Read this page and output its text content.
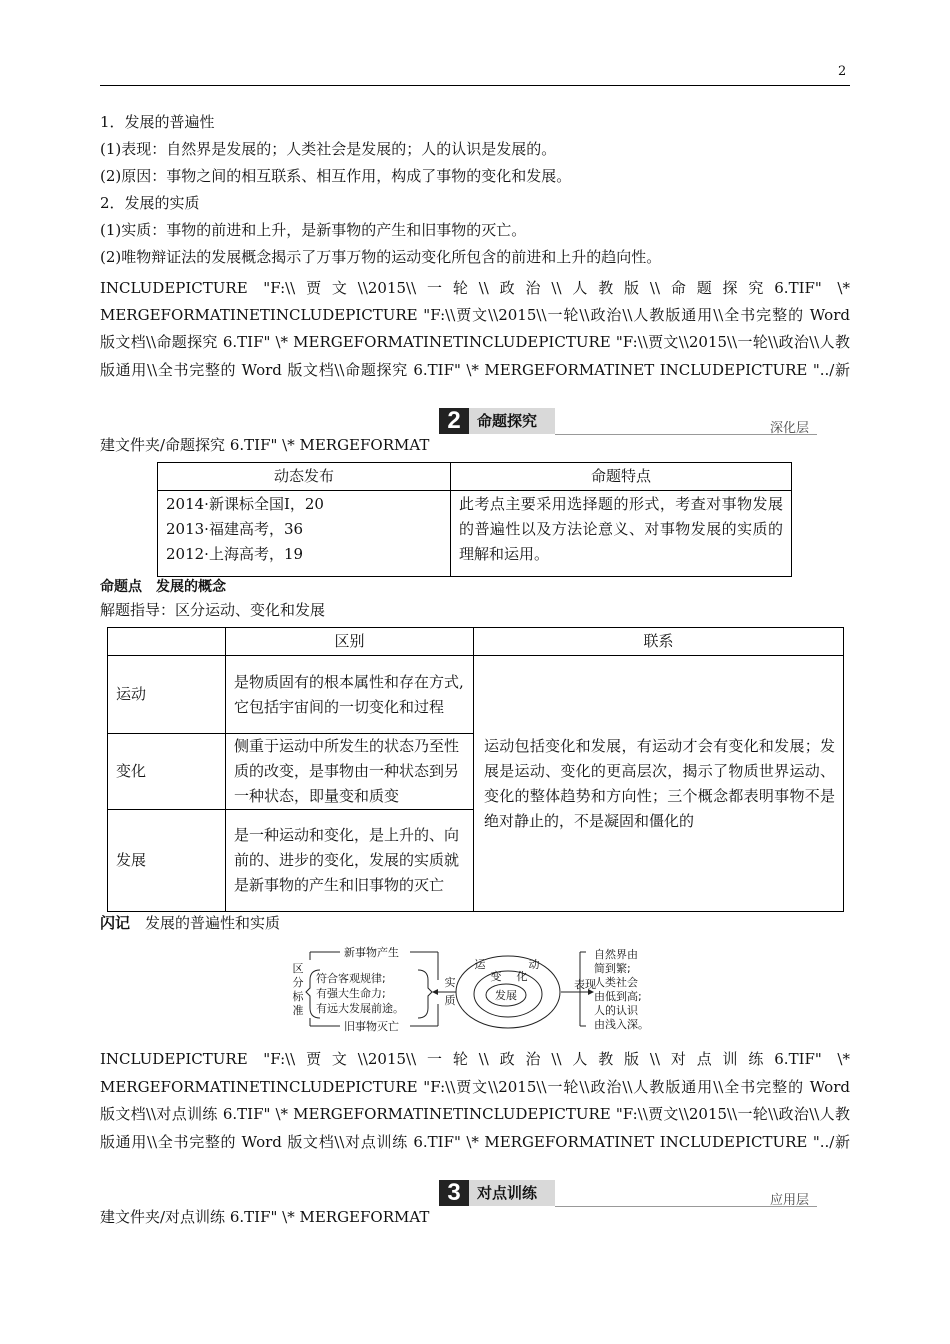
2
1．发展的普遍性
(1)表现：自然界是发展的；人类社会是发展的；人的认识是发展的。
(2)原因：事物之间的相互联系、相互作用，构成了事物的变化和发展。
2．发展的实质
(1)实质：事物的前进和上升，是新事物的产生和旧事物的灭亡。
(2)唯物辩证法的发展概念揭示了万事万物的运动变化所包含的前进和上升的趋向性。
INCLUDEPICTURE "F:\\贾文\\2015\\一轮\\政治\\人教版\\命题探究6.TIF" \*
MERGEFORMATINETINCLUDEPICTURE "F:\\贾文\\2015\\一轮\\政治\\人教版通用\\全书完整的 Word
版文档\\命题探究 6.TIF" \* MERGEFORMATINETINCLUDEPICTURE "F:\\贾文\\2015\\一轮\\政治\\人教
版通用\\全书完整的 Word 版文档\\命题探究 6.TIF" \* MERGEFORMATINET INCLUDEPICTURE "../新
2	命题探究	深化层
建文件夹/命题探究 6.TIF" \* MERGEFORMAT
动态发布	命题特点

2014·新课标全国Ⅰ，20
2013·福建高考，36
2012·上海高考，19	此考点主要采用选择题的形式，考查对事物发展的普遍性以及方法论意义、对事物发展的实质的理解和运用。
命题点　发展的概念
解题指导：区分运动、变化和发展
	区别	联系
运动	是物质固有的根本属性和存在方式,它包括宇宙间的一切变化和过程	运动包括变化和发展，有运动才会有变化和发展；发展是运动、变化的更高层次，揭示了物质世界运动、变化的整体趋势和方向性；三个概念都表明事物不是绝对静止的，不是凝固和僵化的
变化	侧重于运动中所发生的状态乃至性质的改变，是事物由一种状态到另一种状态，即量变和质变	
发展	是一种运动和变化，是上升的、向前的、进步的变化，发展的实质就是新事物的产生和旧事物的灭亡	
闪记　 发展的普遍性和实质
区
分
标
准
符合客观规律;
有强大生命力;
有远大发展前途。
新事物产生
旧事物灭亡
实
质
运	动
变 化
发展
表现
自然界由
简到繁;
人类社会
由低到高;
人的认识
由浅入深。
INCLUDEPICTURE "F:\\贾文\\2015\\一轮\\政治\\人教版\\对点训练6.TIF" \*
MERGEFORMATINETINCLUDEPICTURE "F:\\贾文\\2015\\一轮\\政治\\人教版通用\\全书完整的 Word
版文档\\对点训练 6.TIF" \* MERGEFORMATINETINCLUDEPICTURE "F:\\贾文\\2015\\一轮\\政治\\人教
版通用\\全书完整的 Word 版文档\\对点训练 6.TIF" \* MERGEFORMATINET INCLUDEPICTURE "../新
3	对点训练	应用层
建文件夹/对点训练 6.TIF" \* MERGEFORMAT
